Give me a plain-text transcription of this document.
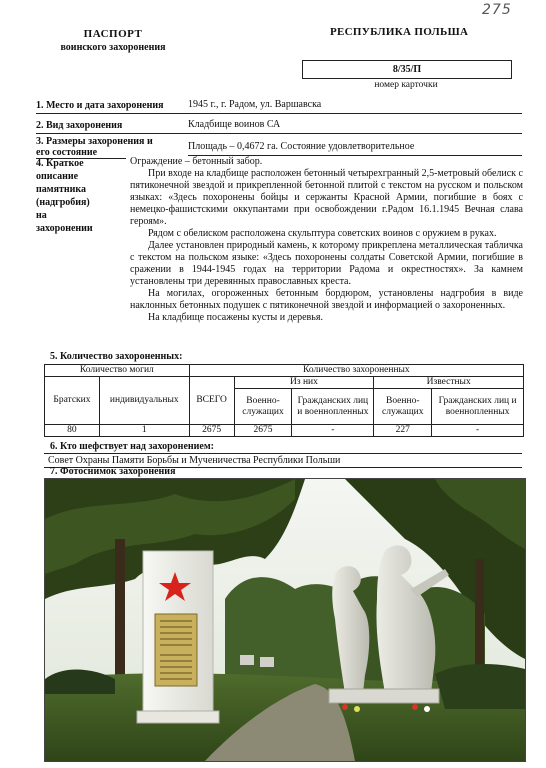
275
ПАСПОРТ
воинского захоронения
РЕСПУБЛИКА ПОЛЬША
8/35/П
номер карточки
1. Место и дата захоронения 1945 г., г. Радом, ул. Варшавска
2. Вид захоронения	Кладбище воинов СА
3. Размеры захоронения и
его состояние
Площадь – 0,4672 га. Состояние удовлетворительное
4. Краткое
описание
памятника
(надгробия)
на
захоронении

Ограждение – бетонный забор.

При входе на кладбище расположен бетонный четырехгранный 2,5-метровый обелиск с пятиконечной звездой и прикрепленной бетонной плитой с текстом на русском и польском языках: «Здесь похоронены бойцы и сержанты Красной Армии, погибшие в боях с немецко-фашистскими оккупантами при освобождении г.Радом 16.1.1945 Вечная слава героям».

Рядом с обелиском расположена скульптура советских воинов с оружием в руках.

Далее установлен природный камень, к которому прикреплена металлическая табличка с текстом на польском языке: «Здесь похоронены солдаты Советской Армии, погибшие в сражении в 1944-1945 годах на территории Радома и окрестностях». За камнем установлены три деревянных православных креста.

На могилах, огороженных бетонным бордюром, установлены надгробия в виде наклонных бетонных подушек с пятиконечной звездой и информацией о захороненных.

На кладбище посажены кусты и деревья.

5. Количество захороненных:
Количество могил		Количество захороненных				
Братских	индивидуальных	ВСЕГО	Из них		Известных	
			Военно-служащих	Гражданских лиц и военнопленных	Военно-служащих	Гражданских лиц и военнопленных
80	1	2675	2675	-	227	-
6. Кто шефствует над захоронением:
Совет Охраны Памяти Борьбы и Мученичества Республики Польши
7. Фотоснимок захоронения
